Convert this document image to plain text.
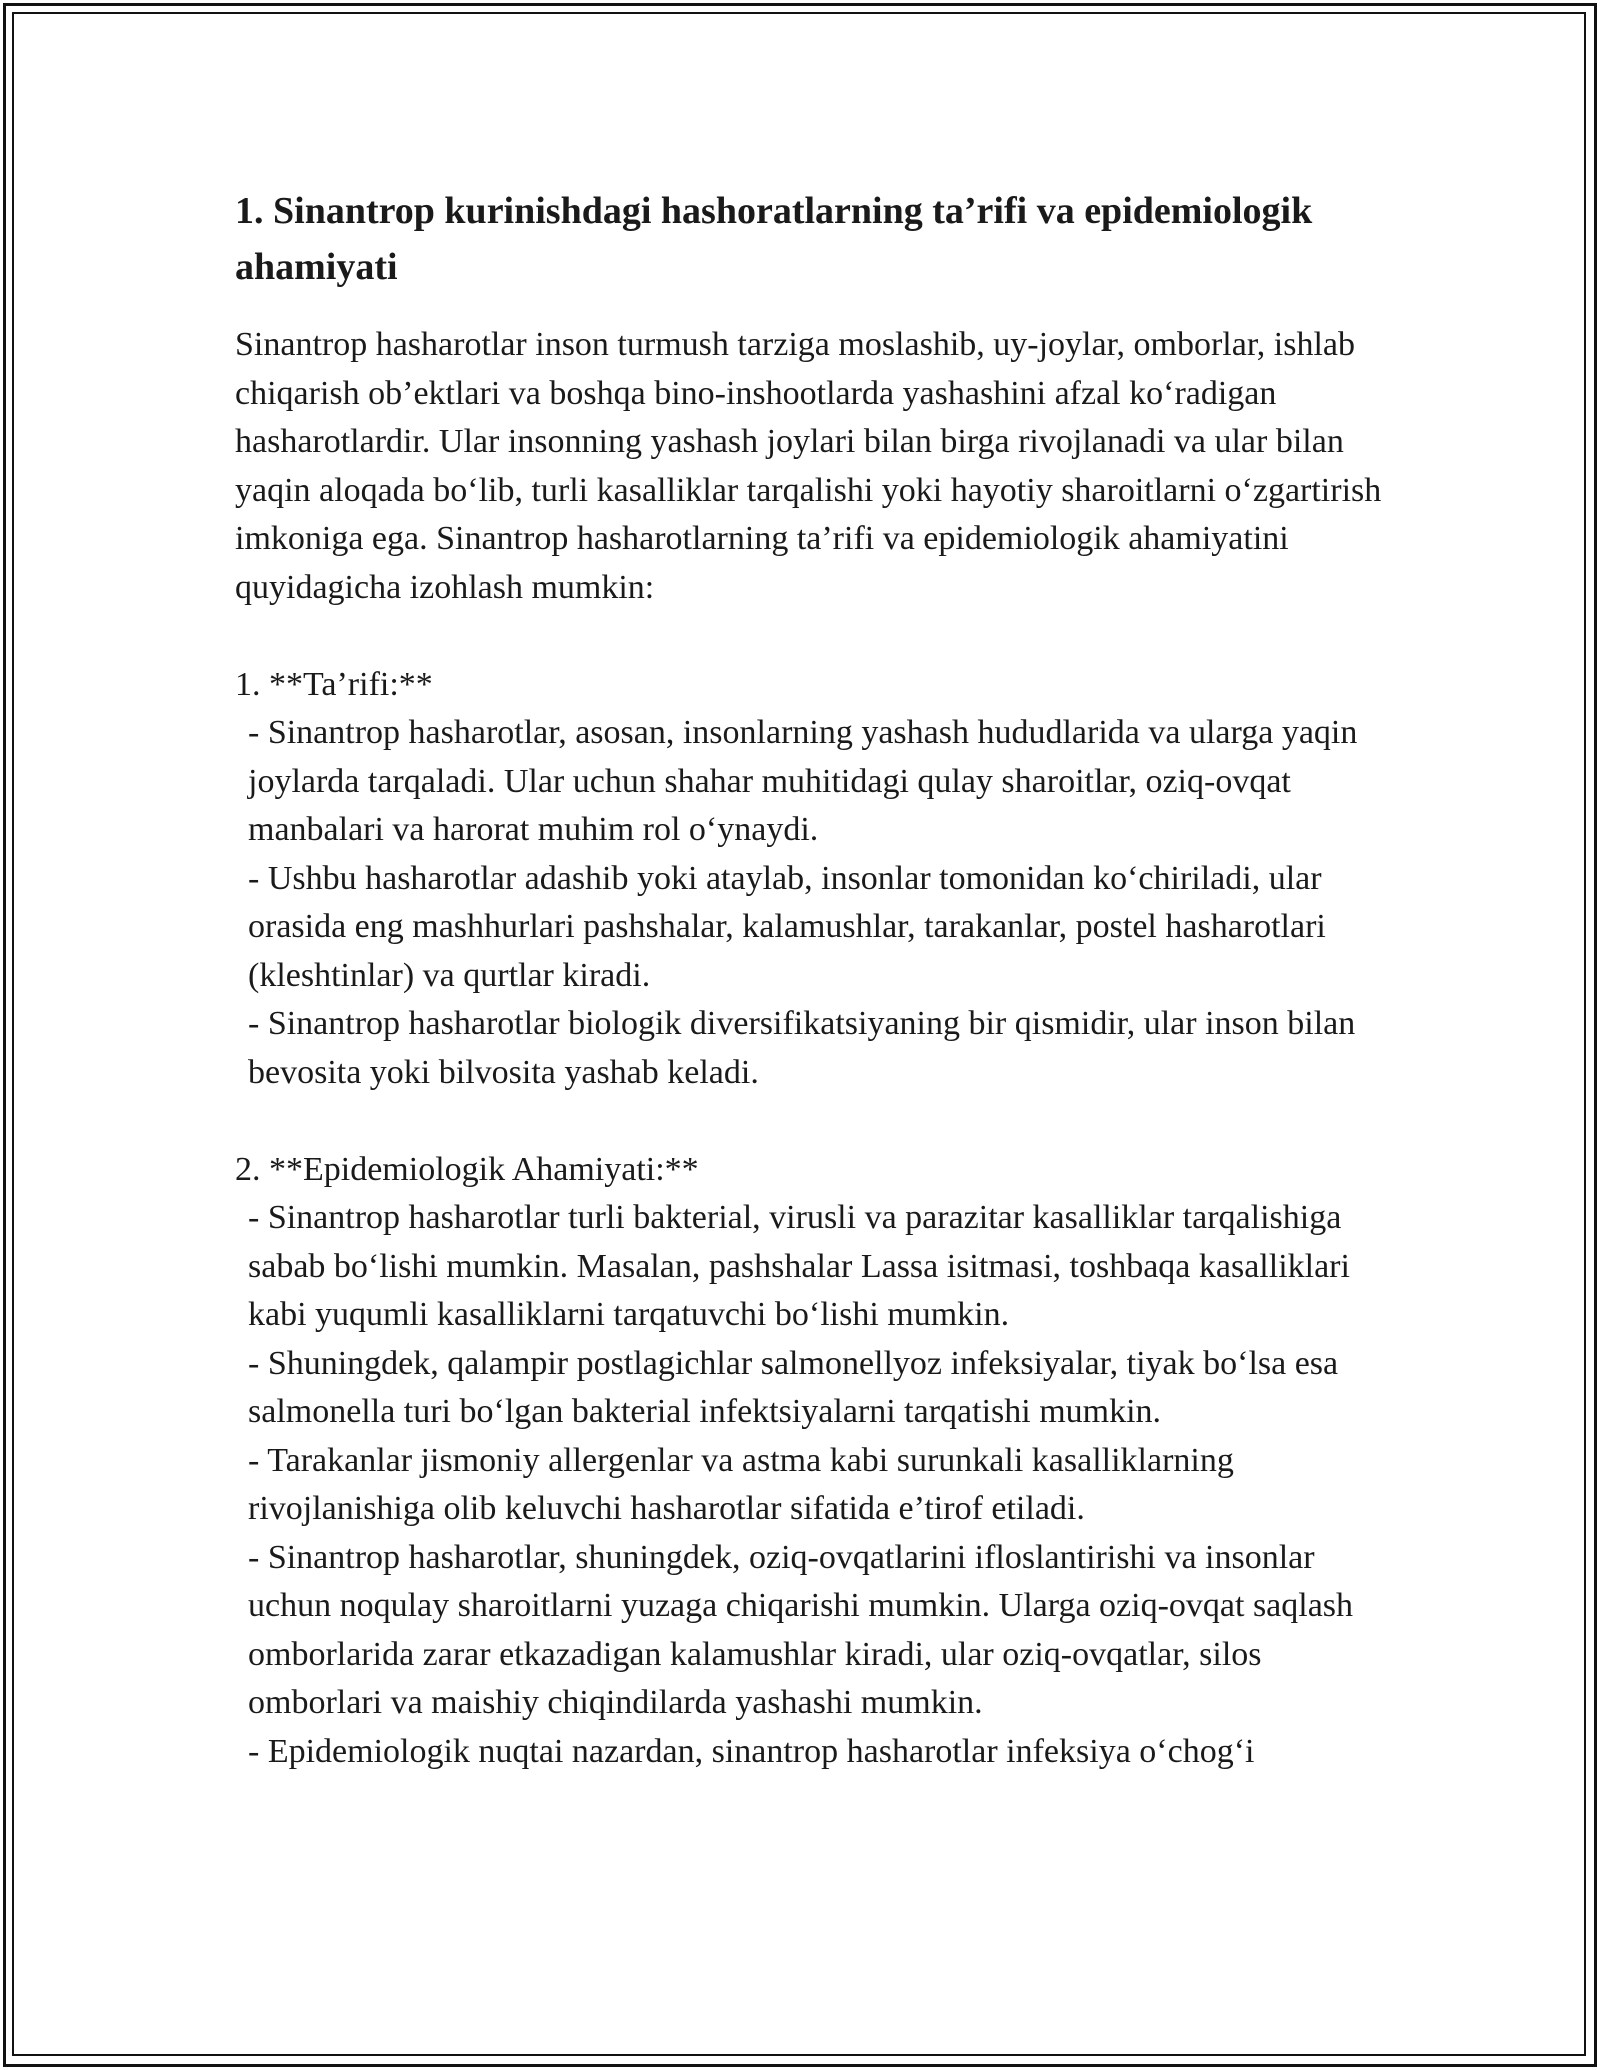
1. Sinantrop kurinishdagi hashoratlarning ta’rifi va epidemiologik ahamiyati

Sinantrop hasharotlar inson turmush tarziga moslashib, uy-joylar, omborlar, ishlab chiqarish ob’ektlari va boshqa bino-inshootlarda yashashini afzal ko‘radigan hasharotlardir. Ular insonning yashash joylari bilan birga rivojlanadi va ular bilan yaqin aloqada bo‘lib, turli kasalliklar tarqalishi yoki hayotiy sharoitlarni o‘zgartirish imkoniga ega. Sinantrop hasharotlarning ta’rifi va epidemiologik ahamiyatini quyidagicha izohlash mumkin:

1. **Ta’rifi:**

- Sinantrop hasharotlar, asosan, insonlarning yashash hududlarida va ularga yaqin joylarda tarqaladi. Ular uchun shahar muhitidagi qulay sharoitlar, oziq-ovqat manbalari va harorat muhim rol o‘ynaydi.

- Ushbu hasharotlar adashib yoki ataylab, insonlar tomonidan ko‘chiriladi, ular orasida eng mashhurlari pashshalar, kalamushlar, tarakanlar, postel hasharotlari (kleshtinlar) va qurtlar kiradi.

- Sinantrop hasharotlar biologik diversifikatsiyaning bir qismidir, ular inson bilan bevosita yoki bilvosita yashab keladi.

2. **Epidemiologik Ahamiyati:**

- Sinantrop hasharotlar turli bakterial, virusli va parazitar kasalliklar tarqalishiga sabab bo‘lishi mumkin. Masalan, pashshalar Lassa isitmasi, toshbaqa kasalliklari kabi yuqumli kasalliklarni tarqatuvchi bo‘lishi mumkin.

- Shuningdek, qalampir postlagichlar salmonellyoz infeksiyalar, tiyak bo‘lsa esa salmonella turi bo‘lgan bakterial infektsiyalarni tarqatishi mumkin.

- Tarakanlar jismoniy allergenlar va astma kabi surunkali kasalliklarning rivojlanishiga olib keluvchi hasharotlar sifatida e’tirof etiladi.

- Sinantrop hasharotlar, shuningdek, oziq-ovqatlarini ifloslantirishi va insonlar uchun noqulay sharoitlarni yuzaga chiqarishi mumkin. Ularga oziq-ovqat saqlash omborlarida zarar etkazadigan kalamushlar kiradi, ular oziq-ovqatlar, silos omborlari va maishiy chiqindilarda yashashi mumkin.

- Epidemiologik nuqtai nazardan, sinantrop hasharotlar infeksiya o‘chog‘i
